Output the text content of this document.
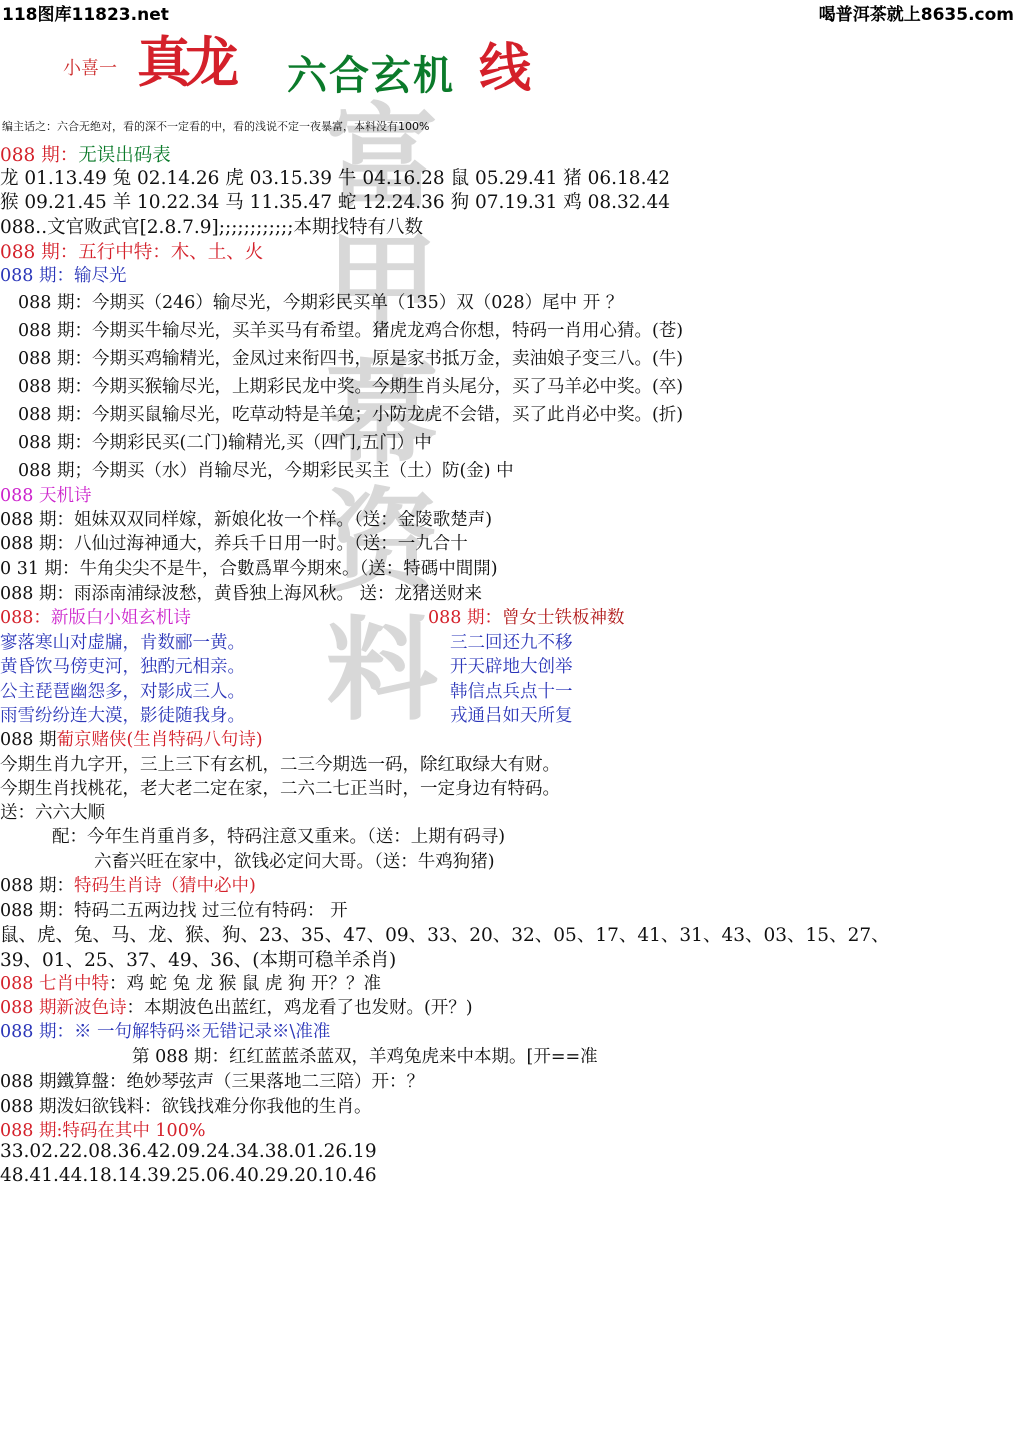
118图库11823.net	喝普洱茶就上8635.com
小喜一 真龙 六合玄机 线
富甲幕资料
编主话之：六合无绝对，看的深不一定看的中，看的浅说不定一夜暴富，本料没有100%
088 期：无误出码表
龙 01.13.49 兔 02.14.26 虎 03.15.39 牛 04.16.28 鼠 05.29.41 猪 06.18.42
猴 09.21.45 羊 10.22.34 马 11.35.47 蛇 12.24.36 狗 07.19.31 鸡 08.32.44
088..文官败武官[2.8.7.9];;;;;;;;;;;;本期找特有八数
088 期：五行中特：木、土、火
088 期：输尽光
088 期：今期买（246）输尽光，今期彩民买单（135）双（028）尾中 开 ？
088 期：今期买牛输尽光，买羊买马有希望。猪虎龙鸡合你想，特码一肖用心猜。(苍)
088 期：今期买鸡输精光，金凤过来衔四书，原是家书抵万金，卖油娘子变三八。(牛)
088 期：今期买猴输尽光，上期彩民龙中奖。今期生肖头尾分，买了马羊必中奖。(卒)
088 期：今期买鼠输尽光，吃草动特是羊兔；小防龙虎不会错，买了此肖必中奖。(折)
088 期：今期彩民买(二门)输精光,买（四门,五门）中
088 期；今期买（水）肖输尽光，今期彩民买主（土）防(金) 中
088 天机诗
088 期：姐妹双双同样嫁，新娘化妆一个样。（送：金陵歌楚声)
088 期：八仙过海神通大，养兵千日用一时。（送：一九合十
0 31 期：牛角尖尖不是牛，合數爲單今期來。（送：特碼中間開)
088 期：雨添南浦绿波愁，黄昏独上海风秋。 送：龙猪送财来
088：新版白小姐玄机诗
寥落寒山对虚牖，肯数郦一黄。
黄昏饮马傍吏河，独酌元相亲。
公主琵琶幽怨多，对影成三人。
雨雪纷纷连大漠，影徒随我身。
088 期：曾女士铁板神数
三二回还九不移
开天辟地大创举
韩信点兵点十一
戎通吕如天所复
088 期葡京赌侠(生肖特码八句诗)
今期生肖九字开，三上三下有玄机，二三今期选一码，除红取绿大有财。
今期生肖找桃花，老大老二定在家，二六二七正当时，一定身边有特码。
送：六六大顺
配：今年生肖重肖多，特码注意又重来。（送：上期有码寻)
六畜兴旺在家中，欲钱必定问大哥。（送：牛鸡狗猪)
088 期：特码生肖诗（猜中必中)
088 期：特码二五两边找 过三位有特码： 开
鼠、虎、兔、马、龙、猴、狗、23、35、47、09、33、20、32、05、17、41、31、43、03、15、27、
39、01、25、37、49、36、(本期可稳羊杀肖)
088 七肖中特：鸡 蛇 兔 龙 猴 鼠 虎 狗 开？？准
088 期新波色诗：本期波色出蓝红，鸡龙看了也发财。(开？)
088 期：※ 一句解特码※无错记录※\准准
第 088 期：红红蓝蓝杀蓝双，羊鸡兔虎来中本期。[开==准
088 期鐵算盤：绝妙琴弦声（三果落地二三陪）开：？
088 期泼妇欲钱料：欲钱找难分你我他的生肖。
088 期:特码在其中 100%
33.02.22.08.36.42.09.24.34.38.01.26.19
48.41.44.18.14.39.25.06.40.29.20.10.46
